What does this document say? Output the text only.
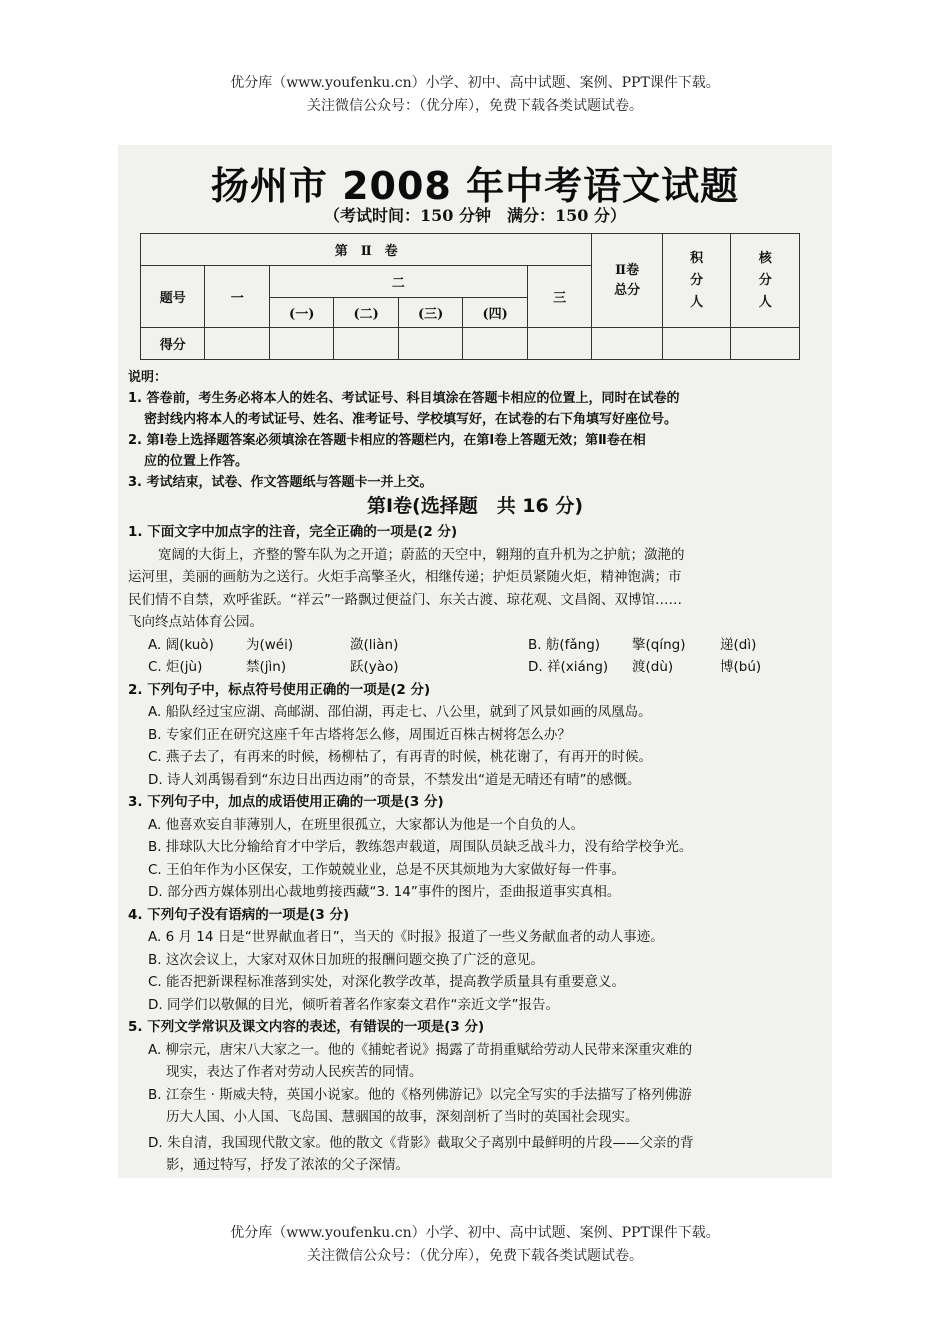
优分库（www.youfenku.cn）小学、初中、高中试题、案例、PPT课件下载。
关注微信公众号：（优分库），免费下载各类试题试卷。
扬州市 2008 年中考语文试题
（考试时间：150 分钟　满分：150 分）
第　Ⅱ　卷							Ⅱ卷总分	积分人	核分人
题号	一	二				三			
		(一)	(二)	(三)	(四)				
得分									

说明：

1. 答卷前，考生务必将本人的姓名、考试证号、科目填涂在答题卡相应的位置上，同时在试卷的

密封线内将本人的考试证号、姓名、准考证号、学校填写好，在试卷的右下角填写好座位号。

2. 第Ⅰ卷上选择题答案必须填涂在答题卡相应的答题栏内，在第Ⅰ卷上答题无效；第Ⅱ卷在相

应的位置上作答。

3. 考试结束，试卷、作文答题纸与答题卡一并上交。

第Ⅰ卷(选择题　共 16 分)

1. 下面文字中加点字的注音，完全正确的一项是(2 分)

宽阔的大街上，齐整的警车队为之开道；蔚蓝的天空中，翱翔的直升机为之护航；潋滟的

运河里，美丽的画舫为之送行。火炬手高擎圣火，相继传递；护炬员紧随火炬，精神饱满；市

民们情不自禁，欢呼雀跃。“祥云”一路飘过便益门、东关古渡、琼花观、文昌阁、双博馆……

飞向终点站体育公园。

A. 阔(kuò)	为(wéi)	潋(liàn)	B. 舫(fǎng)	擎(qíng)	递(dì)
C. 炬(jù)	禁(jìn)	跃(yào)	D. 祥(xiáng)	渡(dù)	博(bú)

2. 下列句子中，标点符号使用正确的一项是(2 分)

A. 船队经过宝应湖、高邮湖、邵伯湖，再走七、八公里，就到了风景如画的凤凰岛。

B. 专家们正在研究这座千年古塔将怎么修，周围近百株古树将怎么办？

C. 燕子去了，有再来的时候，杨柳枯了，有再青的时候，桃花谢了，有再开的时候。

D. 诗人刘禹锡看到“东边日出西边雨”的奇景，不禁发出“道是无晴还有晴”的感慨。

3. 下列句子中，加点的成语使用正确的一项是(3 分)

A. 他喜欢妄自菲薄别人，在班里很孤立，大家都认为他是一个自负的人。

B. 排球队大比分输给育才中学后，教练怨声载道，周围队员缺乏战斗力，没有给学校争光。

C. 王伯年作为小区保安，工作兢兢业业，总是不厌其烦地为大家做好每一件事。

D. 部分西方媒体别出心裁地剪接西藏“3. 14”事件的图片，歪曲报道事实真相。

4. 下列句子没有语病的一项是(3 分)

A. 6 月 14 日是“世界献血者日”，当天的《时报》报道了一些义务献血者的动人事迹。

B. 这次会议上，大家对双休日加班的报酬问题交换了广泛的意见。

C. 能否把新课程标准落到实处，对深化教学改革，提高教学质量具有重要意义。

D. 同学们以敬佩的目光，倾听着著名作家秦文君作“亲近文学”报告。

5. 下列文学常识及课文内容的表述，有错误的一项是(3 分)

A. 柳宗元，唐宋八大家之一。他的《捕蛇者说》揭露了苛捐重赋给劳动人民带来深重灾难的

现实，表达了作者对劳动人民疾苦的同情。

B. 江奈生 · 斯威夫特，英国小说家。他的《格列佛游记》以完全写实的手法描写了格列佛游

历大人国、小人国、飞岛国、慧骃国的故事，深刻剖析了当时的英国社会现实。

D. 朱自清，我国现代散文家。他的散文《背影》截取父子离别中最鲜明的片段——父亲的背

影，通过特写，抒发了浓浓的父子深情。

优分库（www.youfenku.cn）小学、初中、高中试题、案例、PPT课件下载。
关注微信公众号：（优分库），免费下载各类试题试卷。
